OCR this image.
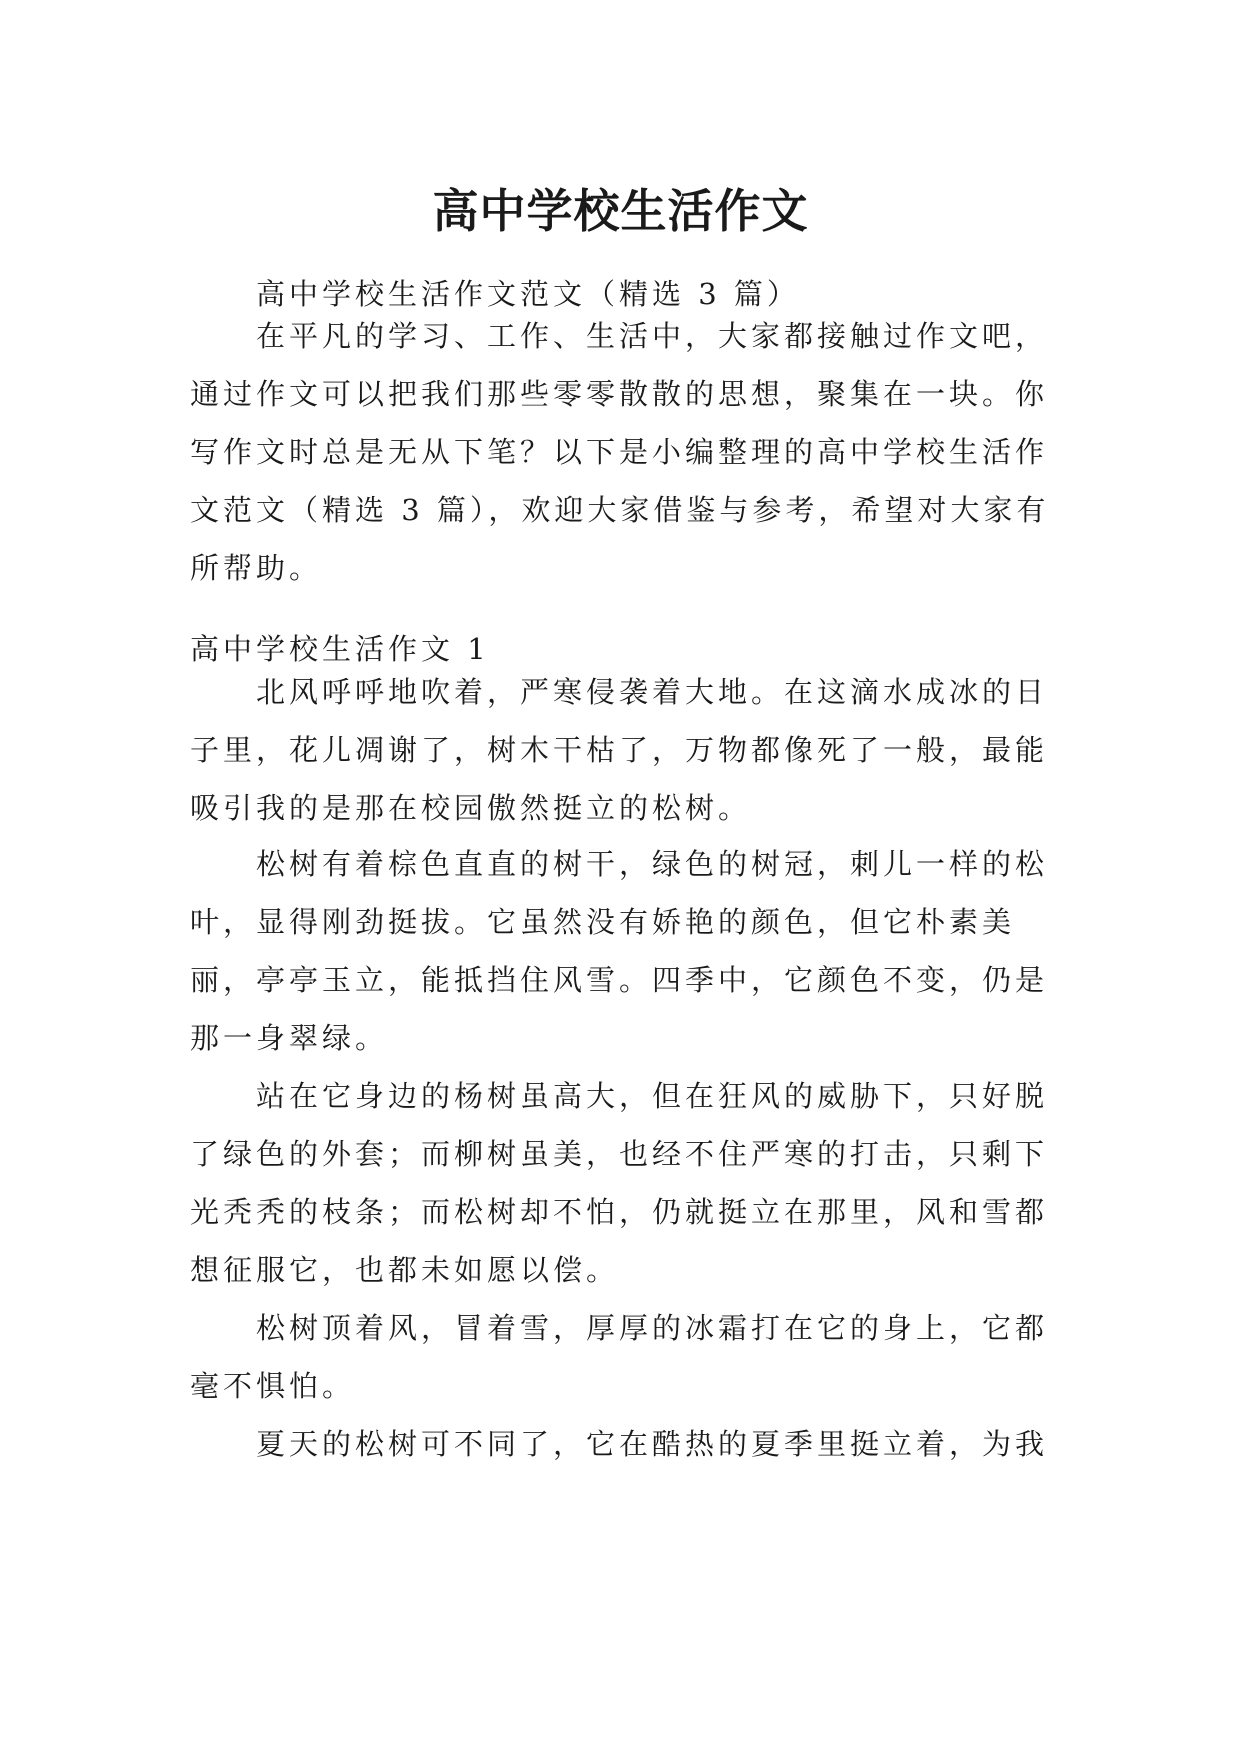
高中学校生活作文

高中学校生活作文范文（精选 3 篇）

在平凡的学习、工作、生活中，大家都接触过作文吧，通过作文可以把我们那些零零散散的思想，聚集在一块。你写作文时总是无从下笔？以下是小编整理的高中学校生活作文范文（精选 3 篇），欢迎大家借鉴与参考，希望对大家有所帮助。

高中学校生活作文 1

北风呼呼地吹着，严寒侵袭着大地。在这滴水成冰的日子里，花儿凋谢了，树木干枯了，万物都像死了一般，最能吸引我的是那在校园傲然挺立的松树。

松树有着棕色直直的树干，绿色的树冠，刺儿一样的松叶，显得刚劲挺拔。它虽然没有娇艳的颜色，但它朴素美丽，亭亭玉立，能抵挡住风雪。四季中，它颜色不变，仍是那一身翠绿。

站在它身边的杨树虽高大，但在狂风的威胁下，只好脱了绿色的外套；而柳树虽美，也经不住严寒的打击，只剩下光秃秃的枝条；而松树却不怕，仍就挺立在那里，风和雪都想征服它，也都未如愿以偿。

松树顶着风，冒着雪，厚厚的冰霜打在它的身上，它都毫不惧怕。

夏天的松树可不同了，它在酷热的夏季里挺立着，为我
